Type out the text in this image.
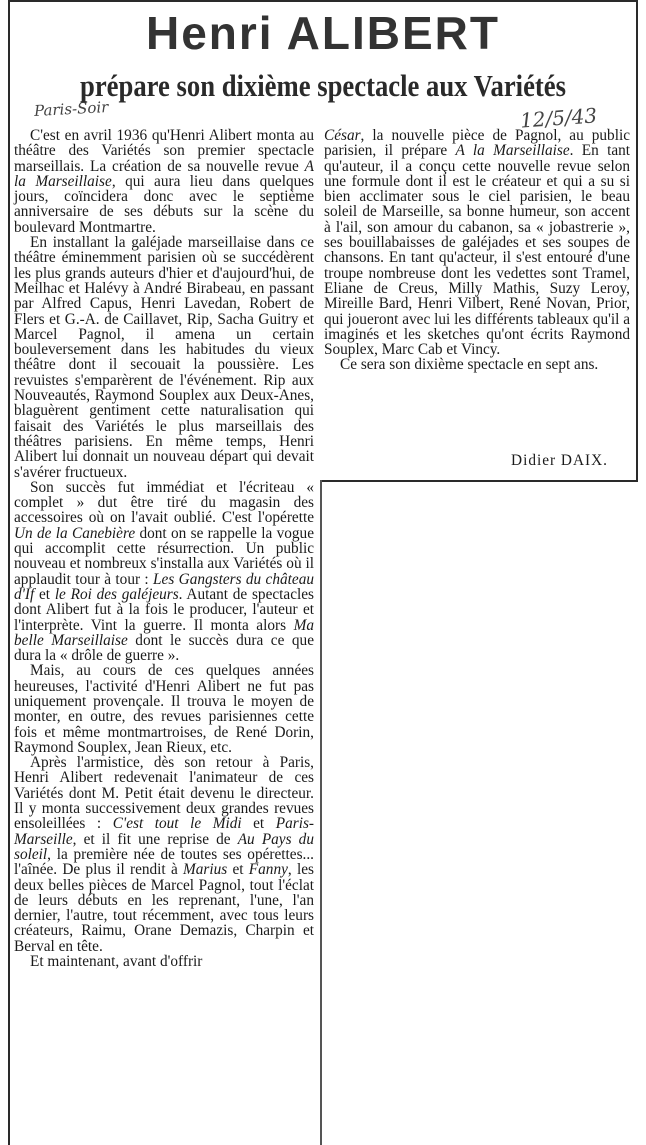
Henri ALIBERT
prépare son dixième spectacle aux Variétés
Paris-Soir	12/5/43

C'est en avril 1936 qu'Henri Alibert monta au théâtre des Variétés son premier spectacle marseillais. La création de sa nouvelle revue A la Marseillaise, qui aura lieu dans quelques jours, coïncidera donc avec le septième anniversaire de ses débuts sur la scène du boulevard Montmartre.

En installant la galéjade marseillaise dans ce théâtre éminemment parisien où se succédèrent les plus grands auteurs d'hier et d'aujourd'hui, de Meilhac et Halévy à André Birabeau, en passant par Alfred Capus, Henri Lavedan, Robert de Flers et G.-A. de Caillavet, Rip, Sacha Guitry et Marcel Pagnol, il amena un certain bouleversement dans les habitudes du vieux théâtre dont il secouait la poussière. Les revuistes s'emparèrent de l'événement. Rip aux Nouveautés, Raymond Souplex aux Deux-Anes, blaguèrent gentiment cette naturalisation qui faisait des Variétés le plus marseillais des théâtres parisiens. En même temps, Henri Alibert lui donnait un nouveau départ qui devait s'avérer fructueux.

Son succès fut immédiat et l'écriteau « complet » dut être tiré du magasin des accessoires où on l'avait oublié. C'est l'opérette Un de la Canebière dont on se rappelle la vogue qui accomplit cette résurrection. Un public nouveau et nombreux s'installa aux Variétés où il applaudit tour à tour : Les Gangsters du château d'If et le Roi des galéjeurs. Autant de spectacles dont Alibert fut à la fois le producer, l'auteur et l'interprète. Vint la guerre. Il monta alors Ma belle Marseillaise dont le succès dura ce que dura la « drôle de guerre ».

Mais, au cours de ces quelques années heureuses, l'activité d'Henri Alibert ne fut pas uniquement provençale. Il trouva le moyen de monter, en outre, des revues parisiennes cette fois et même montmartroises, de René Dorin, Raymond Souplex, Jean Rieux, etc.

Après l'armistice, dès son retour à Paris, Henri Alibert redevenait l'animateur de ces Variétés dont M. Petit était devenu le directeur. Il y monta successivement deux grandes revues ensoleillées : C'est tout le Midi et Paris-Marseille, et il fit une reprise de Au Pays du soleil, la première née de toutes ses opérettes... l'aînée. De plus il rendit à Marius et Fanny, les deux belles pièces de Marcel Pagnol, tout l'éclat de leurs débuts en les reprenant, l'une, l'an dernier, l'autre, tout récemment, avec tous leurs créateurs, Raimu, Orane Demazis, Charpin et Berval en tête.

Et maintenant, avant d'offrir

César, la nouvelle pièce de Pagnol, au public parisien, il prépare A la Marseillaise. En tant qu'auteur, il a conçu cette nouvelle revue selon une formule dont il est le créateur et qui a su si bien acclimater sous le ciel parisien, le beau soleil de Marseille, sa bonne humeur, son accent à l'ail, son amour du cabanon, sa « jobastrerie », ses bouillabaisses de galéjades et ses soupes de chansons. En tant qu'acteur, il s'est entouré d'une troupe nombreuse dont les vedettes sont Tramel, Eliane de Creus, Milly Mathis, Suzy Leroy, Mireille Bard, Henri Vilbert, René Novan, Prior, qui joueront avec lui les différents tableaux qu'il a imaginés et les sketches qu'ont écrits Raymond Souplex, Marc Cab et Vincy.

Ce sera son dixième spectacle en sept ans.

Didier DAIX.
